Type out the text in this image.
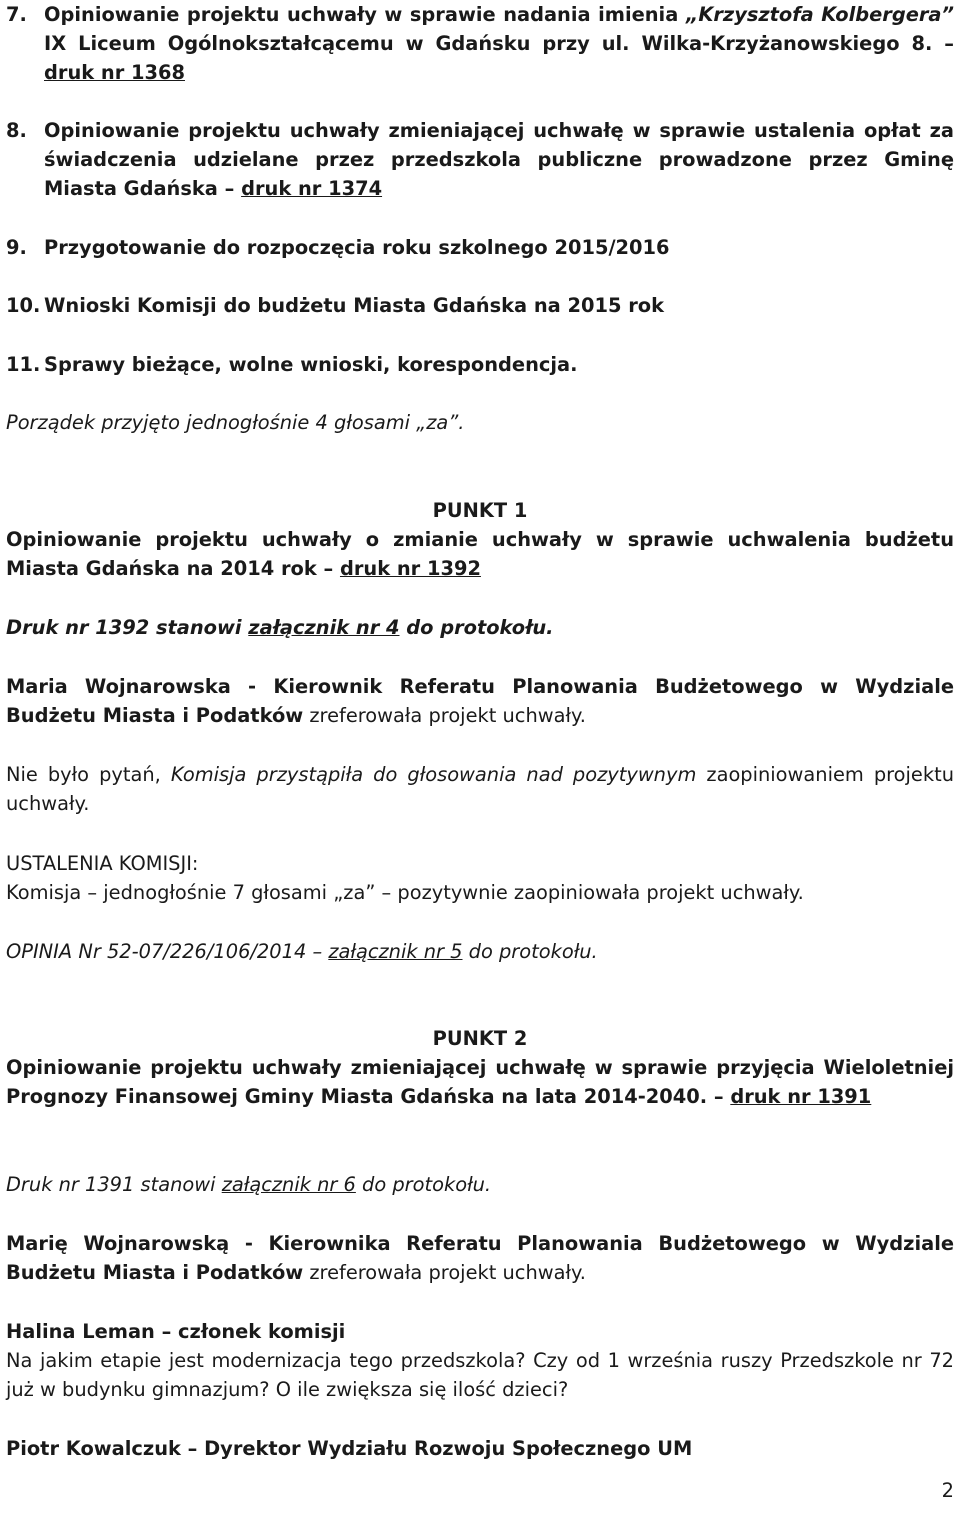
7. Opiniowanie projektu uchwały w sprawie nadania imienia „Krzysztofa Kolbergera” IX Liceum Ogólnokształcącemu w Gdańsku przy ul. Wilka-Krzyżanowskiego 8. – druk nr 1368
8. Opiniowanie projektu uchwały zmieniającej uchwałę w sprawie ustalenia opłat za świadczenia udzielane przez przedszkola publiczne prowadzone przez Gminę Miasta Gdańska – druk nr 1374
9. Przygotowanie do rozpoczęcia roku szkolnego 2015/2016
10. Wnioski Komisji do budżetu Miasta Gdańska na 2015 rok
11. Sprawy bieżące, wolne wnioski, korespondencja.

Porządek przyjęto jednogłośnie 4 głosami „za”.

PUNKT 1

Opiniowanie projektu uchwały o zmianie uchwały w sprawie uchwalenia budżetu Miasta Gdańska na 2014 rok – druk nr 1392

Druk nr 1392 stanowi załącznik nr 4 do protokołu.

Maria Wojnarowska - Kierownik Referatu Planowania Budżetowego w Wydziale Budżetu Miasta i Podatków zreferowała projekt uchwały.

Nie było pytań, Komisja przystąpiła do głosowania nad pozytywnym zaopiniowaniem projektu uchwały.

USTALENIA KOMISJI:

Komisja – jednogłośnie 7 głosami „za” – pozytywnie zaopiniowała projekt uchwały.

OPINIA Nr 52-07/226/106/2014 – załącznik nr 5 do protokołu.

PUNKT 2

Opiniowanie projektu uchwały zmieniającej uchwałę w sprawie przyjęcia Wieloletniej Prognozy Finansowej Gminy Miasta Gdańska na lata 2014-2040. – druk nr 1391

Druk nr 1391 stanowi załącznik nr 6 do protokołu.

Marię Wojnarowską - Kierownika Referatu Planowania Budżetowego w Wydziale Budżetu Miasta i Podatków zreferowała projekt uchwały.

Halina Leman – członek komisji

Na jakim etapie jest modernizacja tego przedszkola? Czy od 1 września ruszy Przedszkole nr 72 już w budynku gimnazjum? O ile zwiększa się ilość dzieci?

Piotr Kowalczuk – Dyrektor Wydziału Rozwoju Społecznego UM

2
